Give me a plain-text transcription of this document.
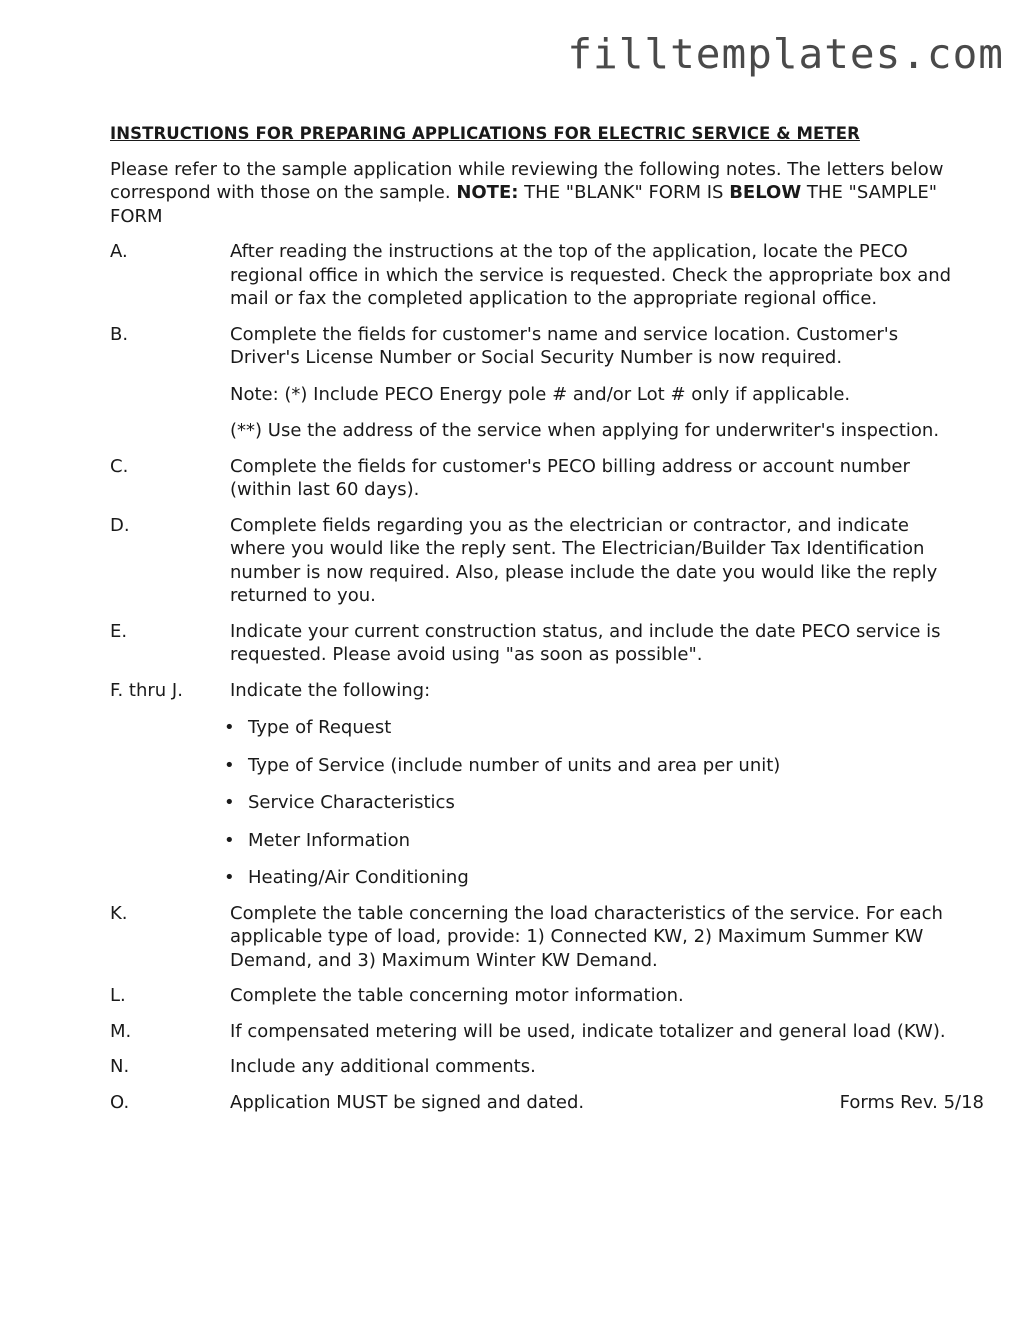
filltemplates.com
INSTRUCTIONS FOR PREPARING APPLICATIONS FOR ELECTRIC SERVICE & METER
Please refer to the sample application while reviewing the following notes. The letters below correspond with those on the sample. NOTE: THE "BLANK" FORM IS BELOW THE "SAMPLE" FORM
A.	After reading the instructions at the top of the application, locate the PECO regional office in which the service is requested. Check the appropriate box and mail or fax the completed application to the appropriate regional office.
B.	Complete the fields for customer's name and service location. Customer's Driver's License Number or Social Security Number is now required.
Note: (*) Include PECO Energy pole # and/or Lot # only if applicable.
(**) Use the address of the service when applying for underwriter's inspection.
C.	Complete the fields for customer's PECO billing address or account number (within last 60 days).
D.	Complete fields regarding you as the electrician or contractor, and indicate where you would like the reply sent. The Electrician/Builder Tax Identification number is now required. Also, please include the date you would like the reply returned to you.
E.	Indicate your current construction status, and include the date PECO service is requested. Please avoid using "as soon as possible".
F. thru J.	Indicate the following:
• Type of Request
• Type of Service (include number of units and area per unit)
• Service Characteristics
• Meter Information
• Heating/Air Conditioning
K.	Complete the table concerning the load characteristics of the service. For each applicable type of load, provide: 1) Connected KW, 2) Maximum Summer KW Demand, and 3) Maximum Winter KW Demand.
L.	Complete the table concerning motor information.
M.	If compensated metering will be used, indicate totalizer and general load (KW).
N.	Include any additional comments.
O.	Application MUST be signed and dated.	Forms Rev. 5/18
